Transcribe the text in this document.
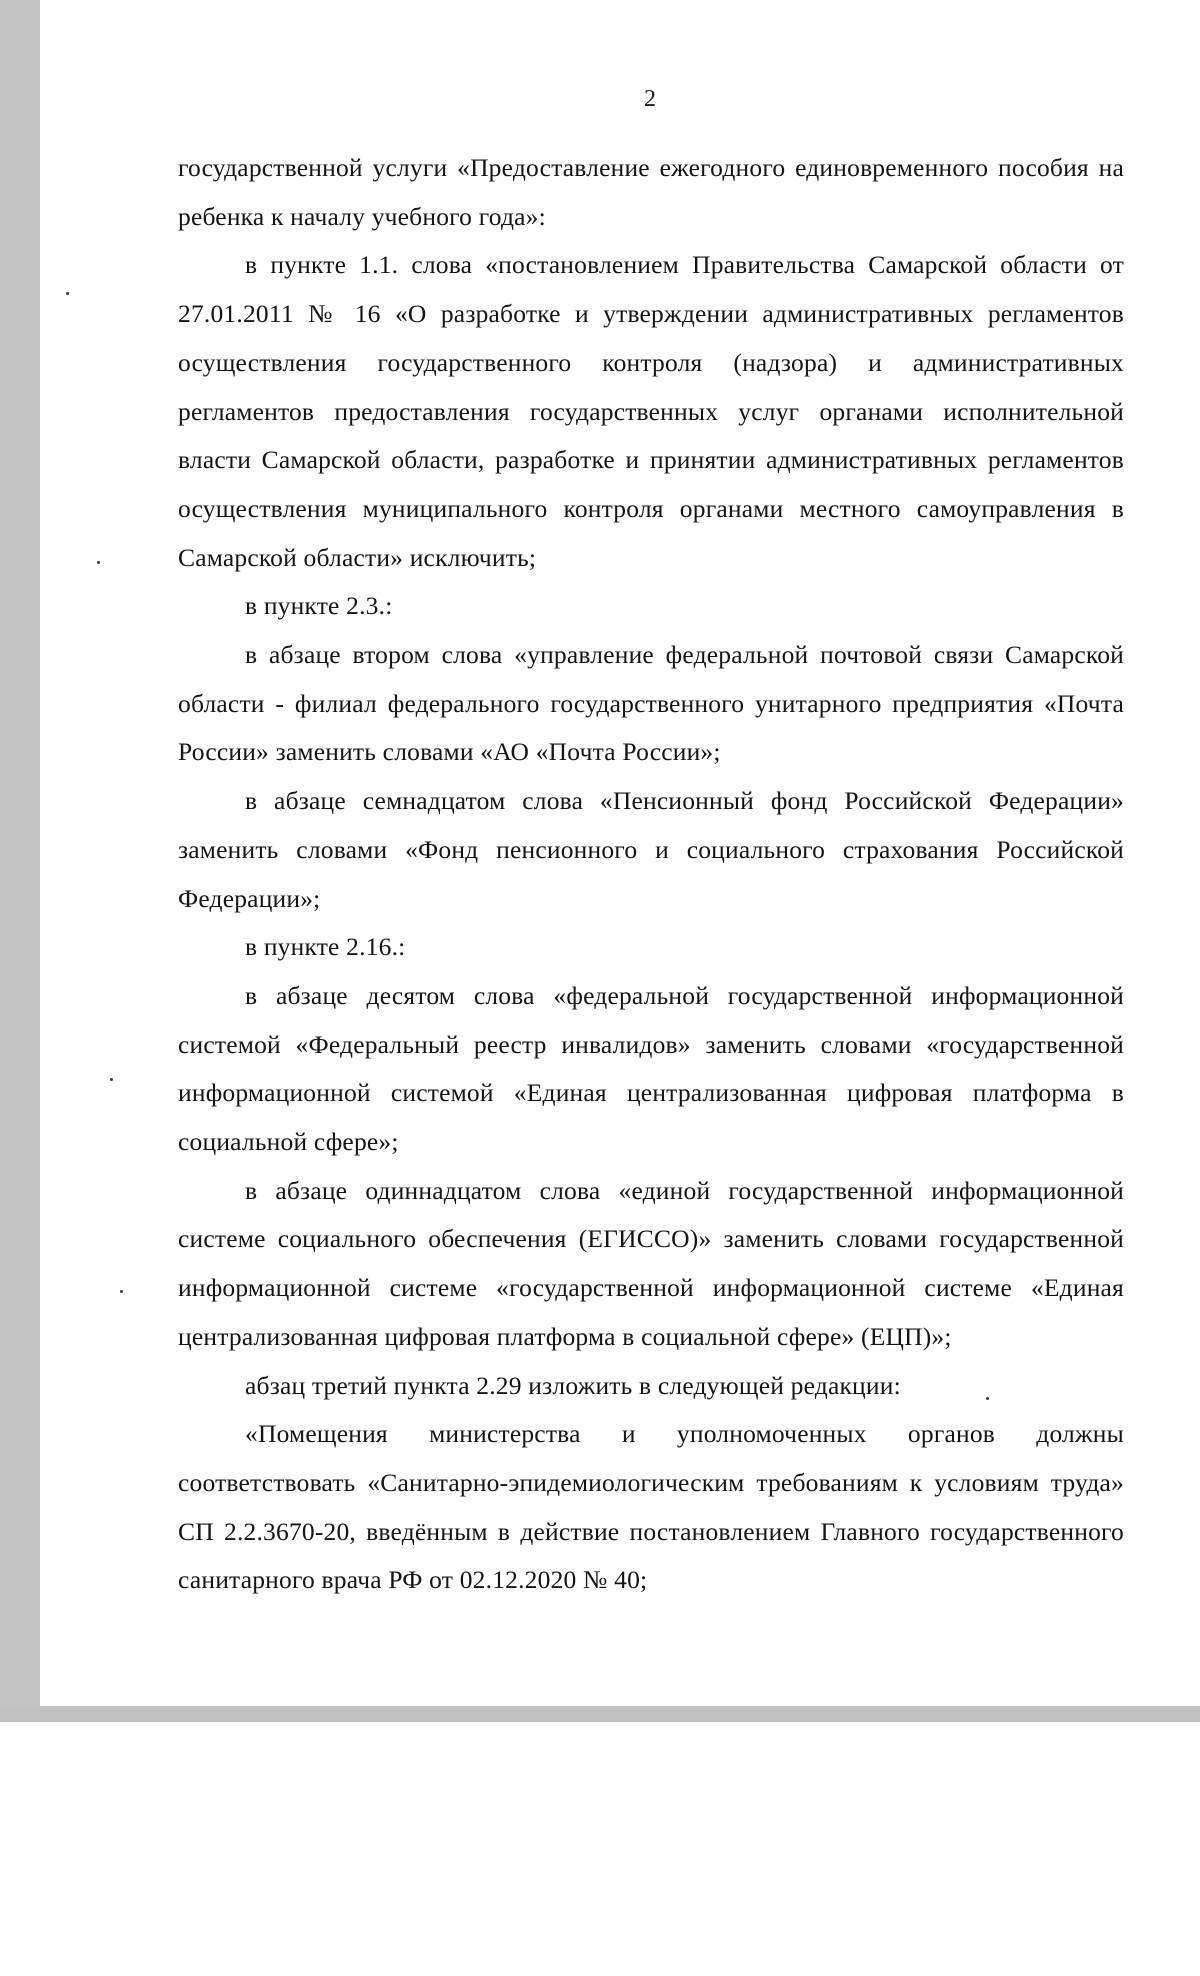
2

государственной услуги «Предоставление ежегодного единовременного пособия на ребенка к началу учебного года»:

в пункте 1.1. слова «постановлением Правительства Самарской области от 27.01.2011 № 16 «О разработке и утверждении административных регламентов осуществления государственного контроля (надзора) и административных регламентов предоставления государственных услуг органами исполнительной власти Самарской области, разработке и принятии административных регламентов осуществления муниципального контроля органами местного самоуправления в Самарской области» исключить;

в пункте 2.3.:

в абзаце втором слова «управление федеральной почтовой связи Самарской области - филиал федерального государственного унитарного предприятия «Почта России» заменить словами «АО «Почта России»;

в абзаце семнадцатом слова «Пенсионный фонд Российской Федерации» заменить словами «Фонд пенсионного и социального страхования Российской Федерации»;

в пункте 2.16.:

в абзаце десятом слова «федеральной государственной информационной системой «Федеральный реестр инвалидов» заменить словами «государственной информационной системой «Единая централизованная цифровая платформа в социальной сфере»;

в абзаце одиннадцатом слова «единой государственной информационной системе социального обеспечения (ЕГИССО)» заменить словами государственной информационной системе «государственной информационной системе «Единая централизованная цифровая платформа в социальной сфере» (ЕЦП)»;

абзац третий пункта 2.29 изложить в следующей редакции:

«Помещения министерства и уполномоченных органов должны соответствовать «Санитарно-эпидемиологическим требованиям к условиям труда» СП 2.2.3670-20, введённым в действие постановлением Главного государственного санитарного врача РФ от 02.12.2020 № 40;
